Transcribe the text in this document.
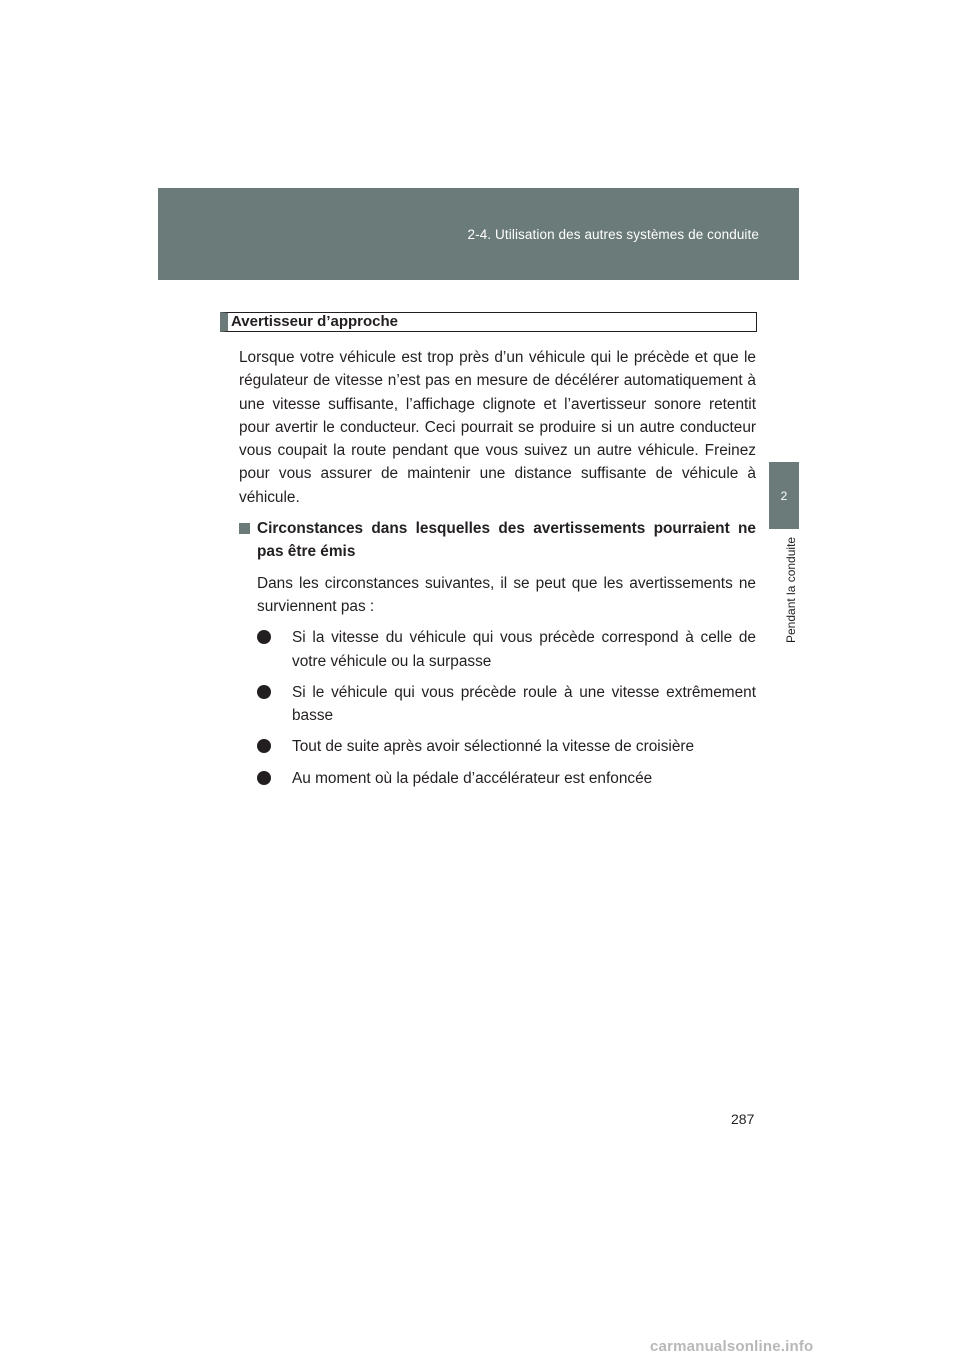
2-4. Utilisation des autres systèmes de conduite
2
Pendant la conduite
Avertisseur d’approche

Lorsque votre véhicule est trop près d’un véhicule qui le précède et que le régulateur de vitesse n’est pas en mesure de décélérer automatiquement à une vitesse suffisante, l’affichage clignote et l’avertisseur sonore retentit pour avertir le conducteur. Ceci pourrait se produire si un autre conducteur vous coupait la route pendant que vous suivez un autre véhicule. Freinez pour vous assurer de maintenir une distance suffisante de véhicule à véhicule.

Circonstances dans lesquelles des avertissements pourraient ne pas être émis

Dans les circonstances suivantes, il se peut que les avertissements ne surviennent pas :

Si la vitesse du véhicule qui vous précède correspond à celle de votre véhicule ou la surpasse
Si le véhicule qui vous précède roule à une vitesse extrêmement basse
Tout de suite après avoir sélectionné la vitesse de croisière
Au moment où la pédale d’accélérateur est enfoncée
287
carmanualsonline.info
